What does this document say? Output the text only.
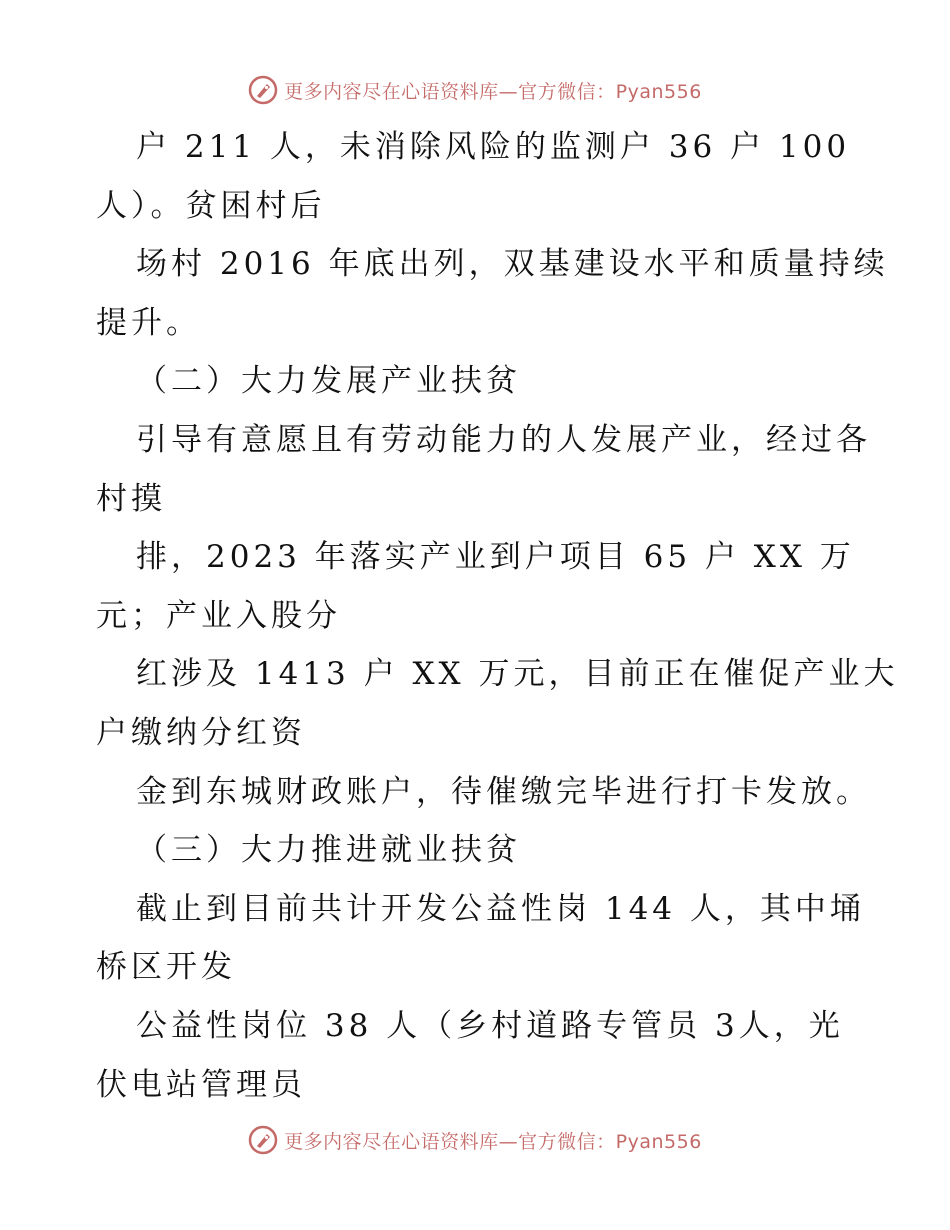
更多内容尽在心语资料库—官方微信：Pyan556
户 211 人，未消除风险的监测户 36 户 100
人）。贫困村后
场村 2016 年底出列，双基建设水平和质量持续
提升。
（二）大力发展产业扶贫
引导有意愿且有劳动能力的人发展产业，经过各
村摸
排，2023 年落实产业到户项目 65 户 XX 万
元；产业入股分
红涉及 1413 户 XX 万元，目前正在催促产业大
户缴纳分红资
金到东城财政账户，待催缴完毕进行打卡发放。
（三）大力推进就业扶贫
截止到目前共计开发公益性岗 144 人，其中埇
桥区开发
公益性岗位 38 人（乡村道路专管员 3人，光
伏电站管理员
更多内容尽在心语资料库—官方微信：Pyan556
